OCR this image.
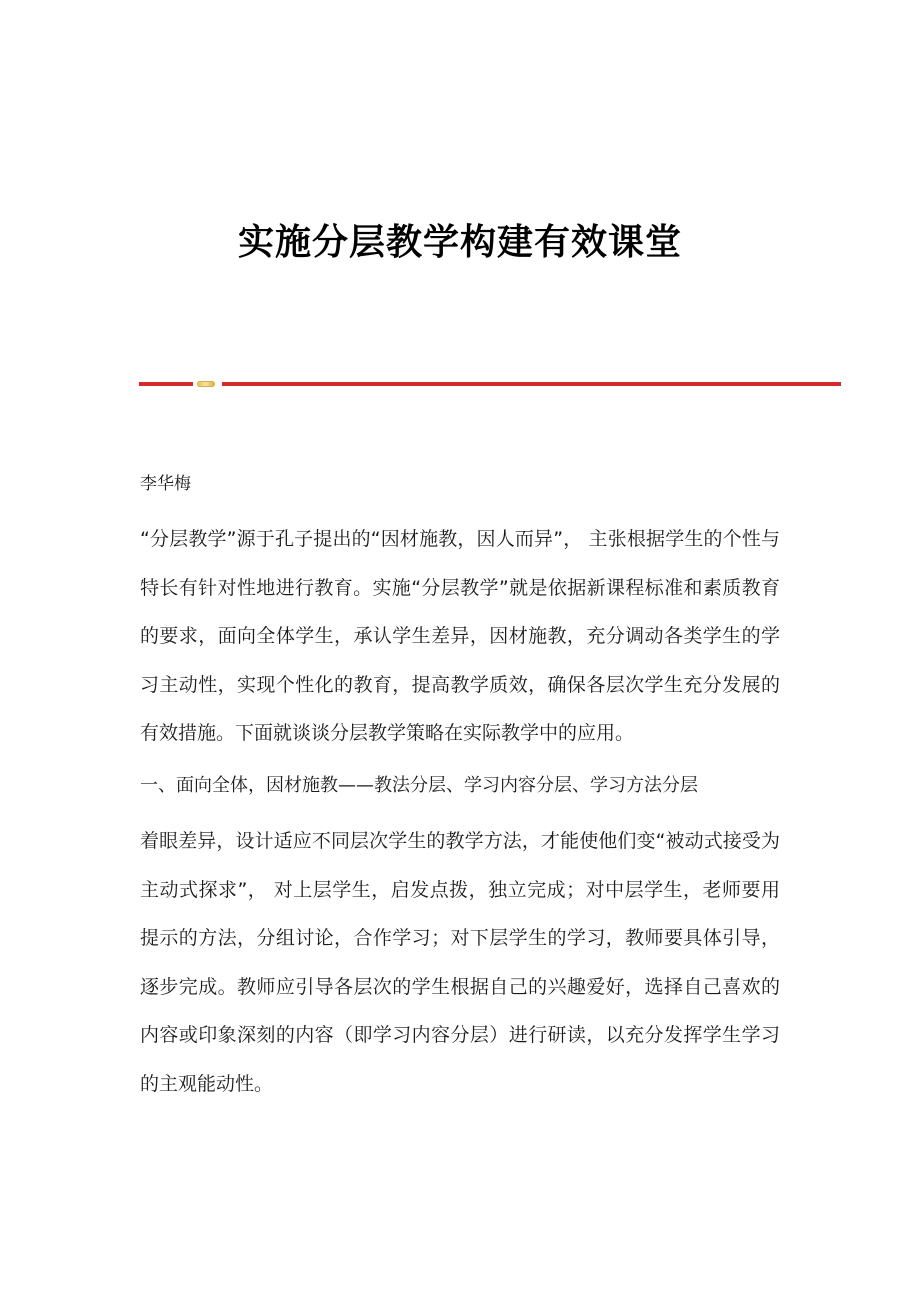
实施分层教学构建有效课堂

李华梅

“分层教学”源于孔子提出的“因材施教，因人而异”， 主张根据学生的个性与特长有针对性地进行教育。实施“分层教学”就是依据新课程标准和素质教育的要求，面向全体学生，承认学生差异，因材施教，充分调动各类学生的学习主动性，实现个性化的教育，提高教学质效，确保各层次学生充分发展的有效措施。下面就谈谈分层教学策略在实际教学中的应用。

一、面向全体，因材施教——教法分层、学习内容分层、学习方法分层

着眼差异，设计适应不同层次学生的教学方法，才能使他们变“被动式接受为主动式探求”， 对上层学生，启发点拨，独立完成；对中层学生，老师要用提示的方法，分组讨论，合作学习；对下层学生的学习，教师要具体引导，逐步完成。教师应引导各层次的学生根据自己的兴趣爱好，选择自己喜欢的内容或印象深刻的内容（即学习内容分层）进行研读，以充分发挥学生学习的主观能动性。
